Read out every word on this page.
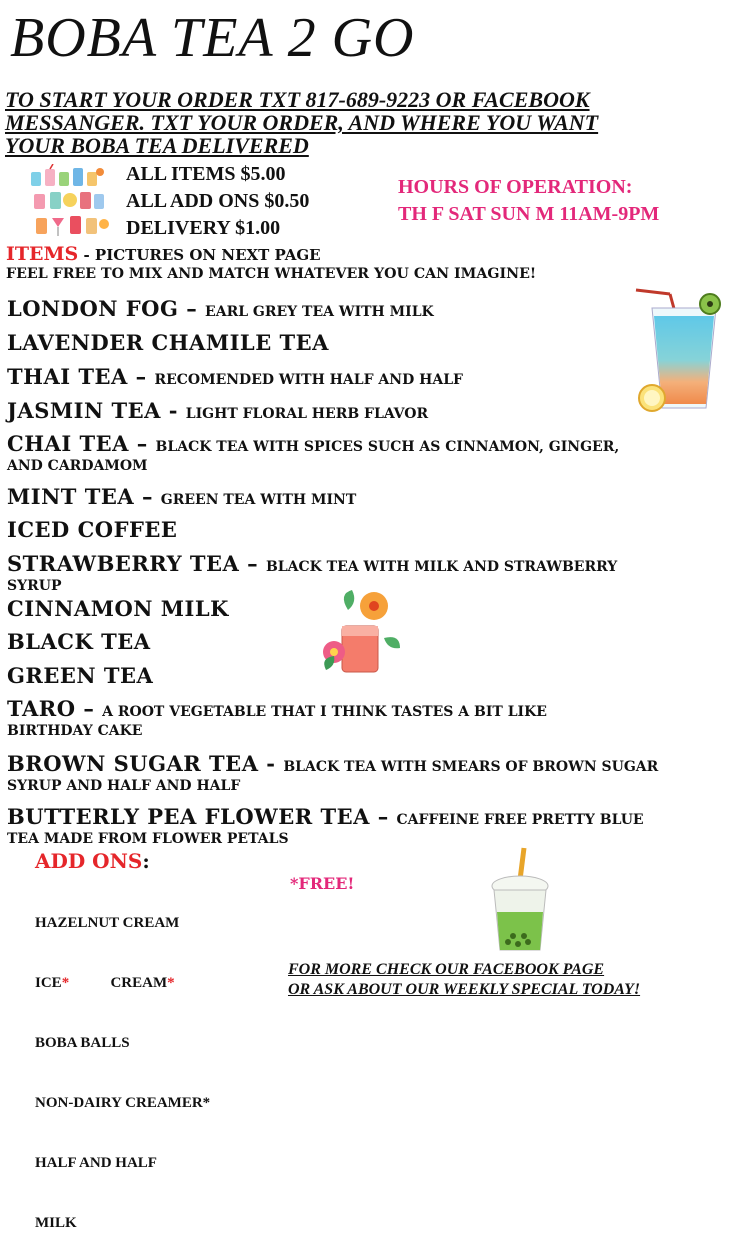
BOBA TEA 2 GO
TO START YOUR ORDER TXT 817-689-9223 OR FACEBOOK
MESSANGER. TXT YOUR ORDER, AND WHERE YOU WANT
YOUR BOBA TEA DELIVERED
ALL ITEMS $5.00
ALL ADD ONS $0.50
DELIVERY $1.00
HOURS OF OPERATION:
TH F SAT SUN M 11AM-9PM
ITEMS - PICTURES ON NEXT PAGE
FEEL FREE TO MIX AND MATCH WHATEVER YOU CAN IMAGINE!
LONDON FOG – EARL GREY TEA WITH MILK
LAVENDER CHAMILE TEA
THAI TEA – RECOMENDED WITH HALF AND HALF
JASMIN TEA - LIGHT FLORAL HERB FLAVOR
CHAI TEA – BLACK TEA WITH SPICES SUCH AS CINNAMON, GINGER,
AND CARDAMOM
MINT TEA – GREEN TEA WITH MINT
ICED COFFEE
STRAWBERRY TEA – BLACK TEA WITH MILK AND STRAWBERRY
SYRUP
CINNAMON MILK
BLACK TEA
GREEN TEA
TARO – A ROOT VEGETABLE THAT I THINK TASTES A BIT LIKE
BIRTHDAY CAKE
BROWN SUGAR TEA - BLACK TEA WITH SMEARS OF BROWN SUGAR
SYRUP AND HALF AND HALF
BUTTERLY PEA FLOWER TEA – CAFFEINE FREE PRETTY BLUE
TEA MADE FROM FLOWER PETALS
ADD ONS:

HAZELNUT CREAM

ICE*	CREAM*

BOBA BALLS

NON-DAIRY CREAMER*

HALF AND HALF

MILK

*FREE!
FOR MORE CHECK OUR FACEBOOK PAGE
OR ASK ABOUT OUR WEEKLY SPECIAL TODAY!
